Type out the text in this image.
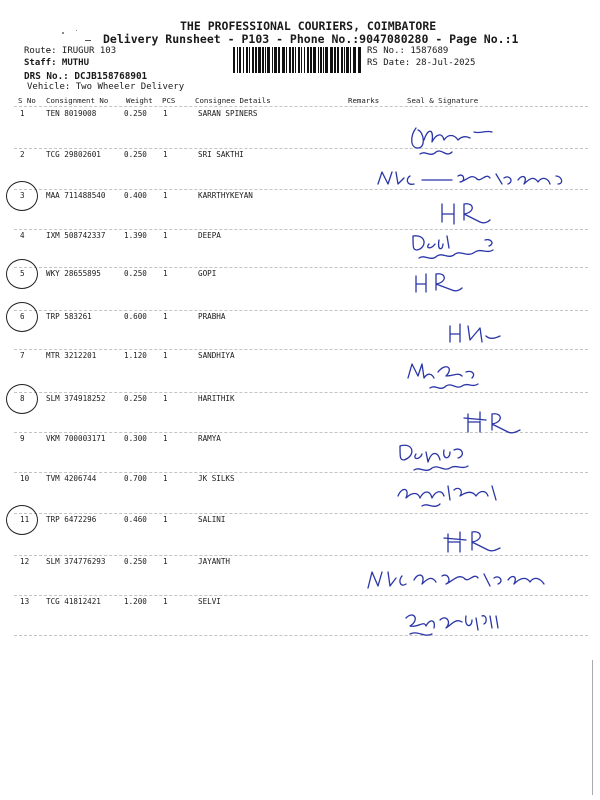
THE PROFESSIONAL COURIERS, COIMBATORE
Delivery Runsheet - P103 - Phone No.:9047080280 - Page No.:1
Route: IRUGUR 103
Staff: MUTHU
DRS No.: DCJB158768901
Vehicle: Two Wheeler Delivery
RS No.: 1587689
RS Date: 28-Jul-2025
S No Consignment No Weight PCS	Consignee Details	Remarks	Seal & Signature
1	TEN 8019008	0.250 1	SARAN SPINERS
2	TCG 29802601	0.250 1	SRI SAKTHI
3	MAA 711488540 0.400 1	KARRTHYKEYAN
4	IXM 508742337 1.390 1	DEEPA
5	WKY 28655895	0.250 1	GOPI
6	TRP 583261	0.600 1	PRABHA
7	MTR 3212201	1.120 1	SANDHIYA
8	SLM 374918252 0.250 1	HARITHIK
9	VKM 700003171 0.300 1	RAMYA
10 TVM 4206744	0.700 1	JK SILKS
11 TRP 6472296	0.460 1	SALINI
12 SLM 374776293 0.250 1	JAYANTH
13 TCG 41812421	1.200 1	SELVI
